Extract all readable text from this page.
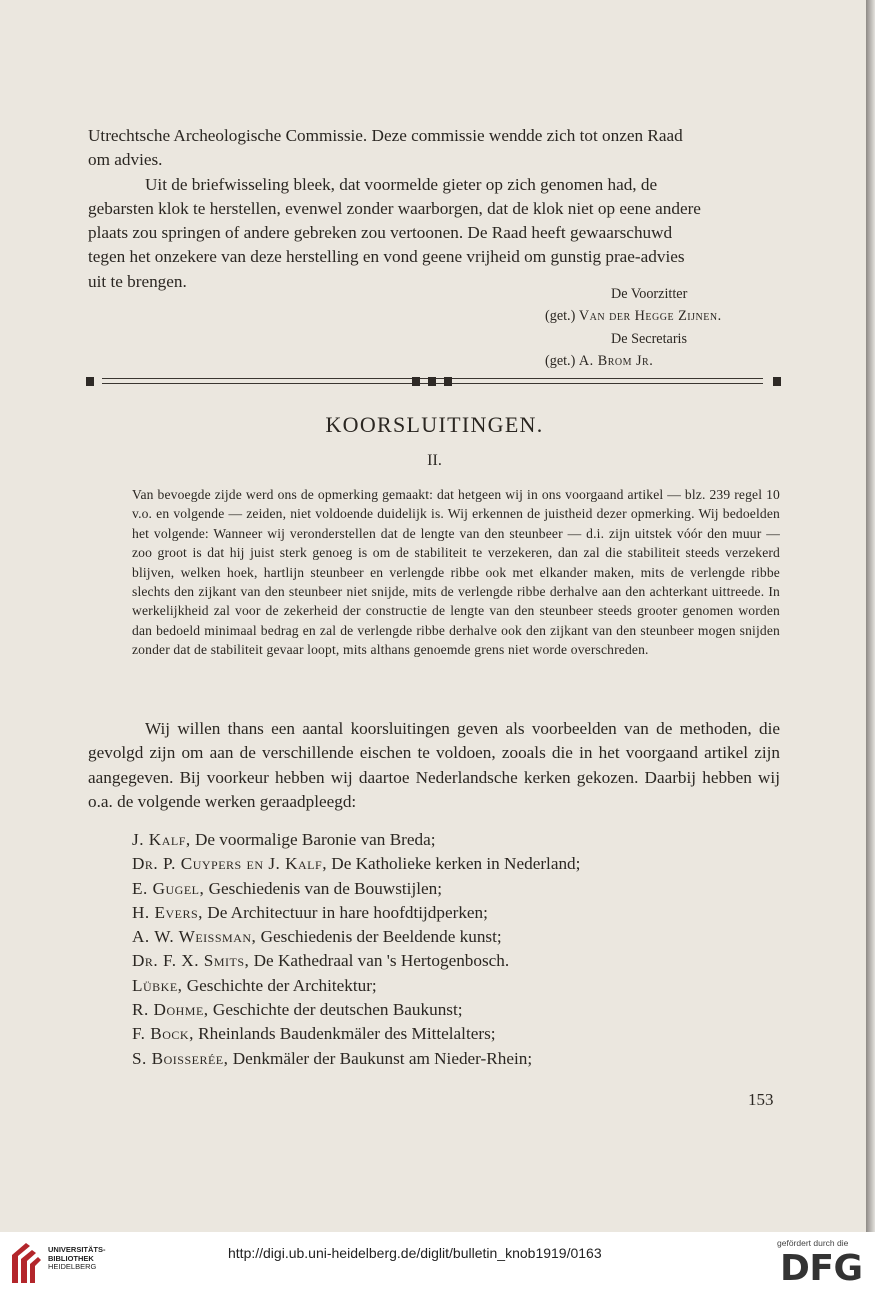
Utrechtsche Archeologische Commissie. Deze commissie wendde zich tot onzen Raad
om advies.
Uit de briefwisseling bleek, dat voormelde gieter op zich genomen had, de
gebarsten klok te herstellen, evenwel zonder waarborgen, dat de klok niet op eene andere
plaats zou springen of andere gebreken zou vertoonen. De Raad heeft gewaarschuwd
tegen het onzekere van deze herstelling en vond geene vrijheid om gunstig prae-advies
uit te brengen.
De Voorzitter
(get.) Van der Hegge Zijnen.
De Secretaris
(get.) A. Brom Jr.
KOORSLUITINGEN.
II.
Van bevoegde zijde werd ons de opmerking gemaakt: dat hetgeen wij in ons voorgaand artikel — blz. 239 regel 10 v.o. en volgende — zeiden, niet voldoende duidelijk is. Wij erkennen de juistheid dezer opmerking. Wij bedoelden het volgende: Wanneer wij veronderstellen dat de lengte van den steunbeer — d.i. zijn uitstek vóór den muur — zoo groot is dat hij juist sterk genoeg is om de stabiliteit te verzekeren, dan zal die stabiliteit steeds verzekerd blijven, welken hoek, hartlijn steunbeer en verlengde ribbe ook met elkander maken, mits de verlengde ribbe slechts den zijkant van den steunbeer niet snijde, mits de verlengde ribbe derhalve aan den achterkant uittreede. In werkelijkheid zal voor de zekerheid der constructie de lengte van den steunbeer steeds grooter genomen worden dan bedoeld minimaal bedrag en zal de verlengde ribbe derhalve ook den zijkant van den steunbeer mogen snijden zonder dat de stabiliteit gevaar loopt, mits althans genoemde grens niet worde overschreden.
Wij willen thans een aantal koorsluitingen geven als voorbeelden van de methoden, die gevolgd zijn om aan de verschillende eischen te voldoen, zooals die in het voorgaand artikel zijn aangegeven. Bij voorkeur hebben wij daartoe Nederlandsche kerken gekozen. Daarbij hebben wij o.a. de volgende werken geraadpleegd:
J. Kalf, De voormalige Baronie van Breda;
Dr. P. Cuypers en J. Kalf, De Katholieke kerken in Nederland;
E. Gugel, Geschiedenis van de Bouwstijlen;
H. Evers, De Architectuur in hare hoofdtijdperken;
A. W. Weissman, Geschiedenis der Beeldende kunst;
Dr. F. X. Smits, De Kathedraal van 's Hertogenbosch.
Lübke, Geschichte der Architektur;
R. Dohme, Geschichte der deutschen Baukunst;
F. Bock, Rheinlands Baudenkmäler des Mittelalters;
S. Boisserée, Denkmäler der Baukunst am Nieder-Rhein;
153
UNIVERSITÄTS-
BIBLIOTHEK
HEIDELBERG
http://digi.ub.uni-heidelberg.de/diglit/bulletin_knob1919/0163
gefördert durch die
DFG
